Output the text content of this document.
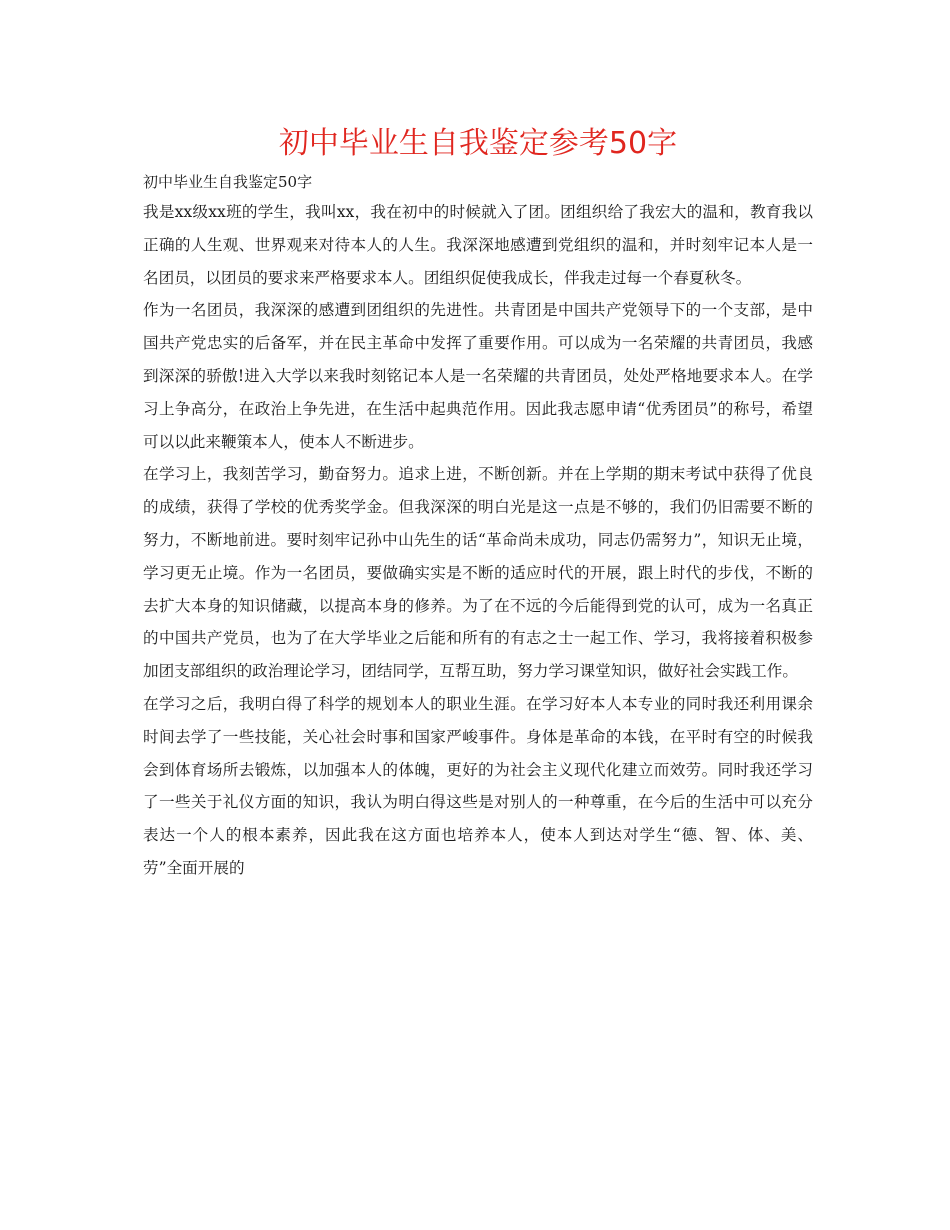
初中毕业生自我鉴定参考50字

初中毕业生自我鉴定50字

我是xx级xx班的学生，我叫xx，我在初中的时候就入了团。团组织给了我宏大的温和，教育我以正确的人生观、世界观来对待本人的人生。我深深地感遭到党组织的温和，并时刻牢记本人是一名团员，以团员的要求来严格要求本人。团组织促使我成长，伴我走过每一个春夏秋冬。

作为一名团员，我深深的感遭到团组织的先进性。共青团是中国共产党领导下的一个支部，是中国共产党忠实的后备军，并在民主革命中发挥了重要作用。可以成为一名荣耀的共青团员，我感到深深的骄傲!进入大学以来我时刻铭记本人是一名荣耀的共青团员，处处严格地要求本人。在学习上争高分，在政治上争先进，在生活中起典范作用。因此我志愿申请“优秀团员”的称号，希望可以以此来鞭策本人，使本人不断进步。

在学习上，我刻苦学习，勤奋努力。追求上进，不断创新。并在上学期的期末考试中获得了优良的成绩，获得了学校的优秀奖学金。但我深深的明白光是这一点是不够的，我们仍旧需要不断的努力，不断地前进。要时刻牢记孙中山先生的话“革命尚未成功，同志仍需努力”，知识无止境，学习更无止境。作为一名团员，要做确实实是不断的适应时代的开展，跟上时代的步伐，不断的去扩大本身的知识储藏，以提高本身的修养。为了在不远的今后能得到党的认可，成为一名真正的中国共产党员，也为了在大学毕业之后能和所有的有志之士一起工作、学习，我将接着积极参加团支部组织的政治理论学习，团结同学，互帮互助，努力学习课堂知识，做好社会实践工作。

在学习之后，我明白得了科学的规划本人的职业生涯。在学习好本人本专业的同时我还利用课余时间去学了一些技能，关心社会时事和国家严峻事件。身体是革命的本钱，在平时有空的时候我会到体育场所去锻炼，以加强本人的体魄，更好的为社会主义现代化建立而效劳。同时我还学习了一些关于礼仪方面的知识，我认为明白得这些是对别人的一种尊重，在今后的生活中可以充分表达一个人的根本素养，因此我在这方面也培养本人，使本人到达对学生“德、智、体、美、劳”全面开展的
